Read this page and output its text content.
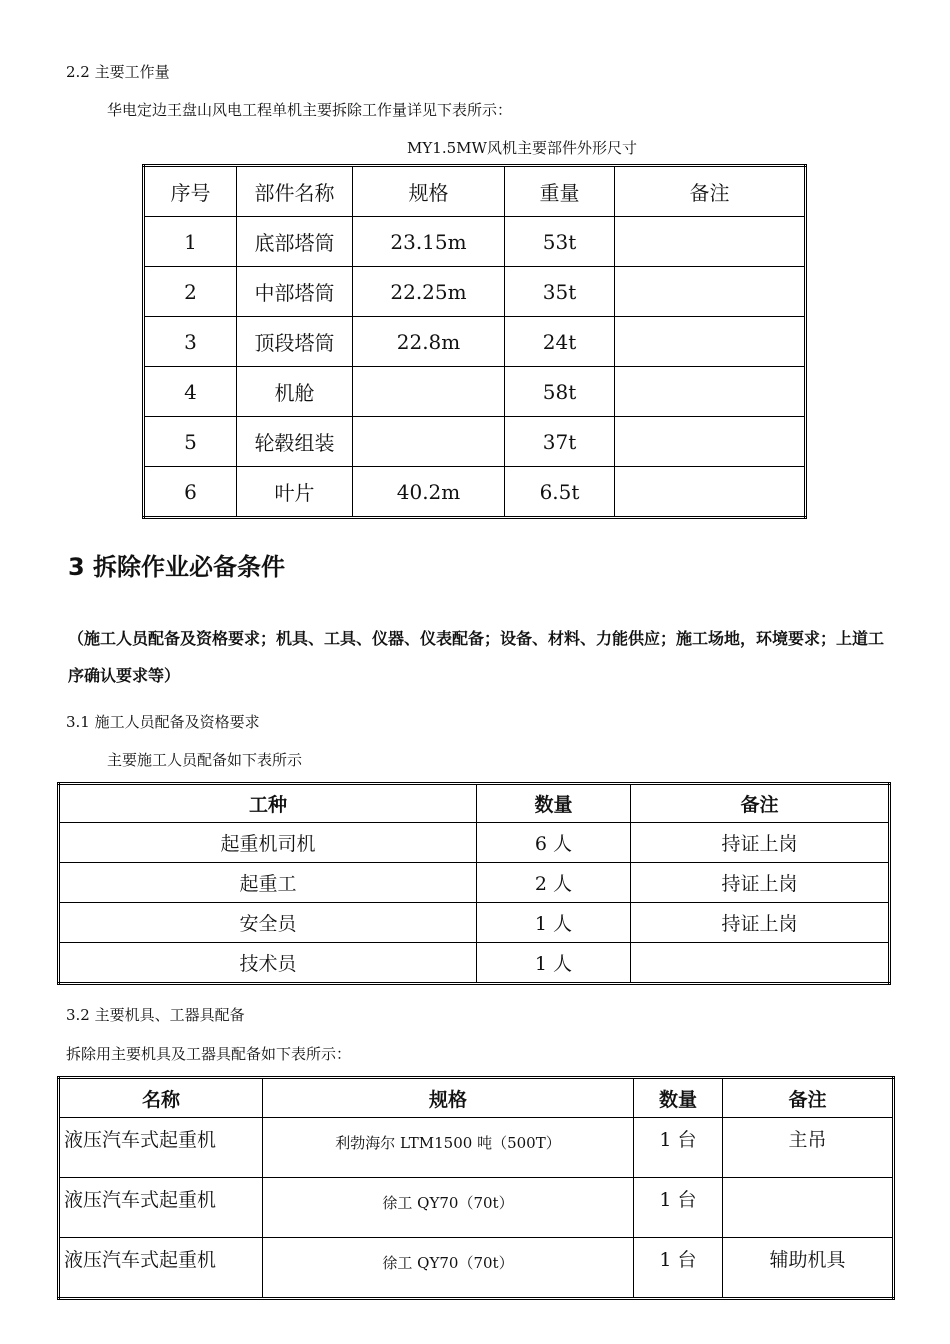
2.2 主要工作量
华电定边王盘山风电工程单机主要拆除工作量详见下表所示：
MY1.5MW风机主要部件外形尺寸
序号	部件名称	规格	重量	备注
1	底部塔筒	23.15m	53t	
2	中部塔筒	22.25m	35t	
3	顶段塔筒	22.8m	24t	
4	机舱		58t	
5	轮毂组装		37t	
6	叶片	40.2m	6.5t	
3 拆除作业必备条件
（施工人员配备及资格要求；机具、工具、仪器、仪表配备；设备、材料、力能供应；施工场地，环境要求；上道工序确认要求等）
3.1 施工人员配备及资格要求
主要施工人员配备如下表所示
工种	数量	备注
起重机司机	6 人	持证上岗
起重工	2 人	持证上岗
安全员	1 人	持证上岗
技术员	1 人	
3.2 主要机具、工器具配备
拆除用主要机具及工器具配备如下表所示：
名称	规格	数量	备注
液压汽车式起重机	利勃海尔 LTM1500 吨（500T）	1 台	主吊
液压汽车式起重机	徐工 QY70（70t）	1 台	
液压汽车式起重机	徐工 QY70（70t）	1 台	辅助机具
